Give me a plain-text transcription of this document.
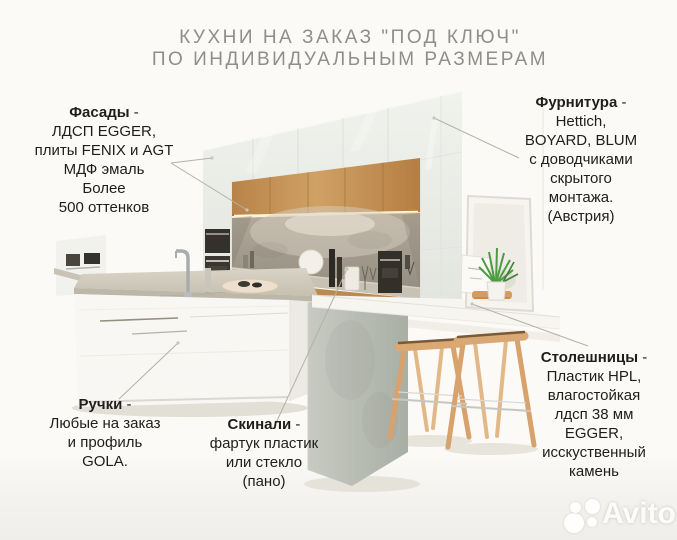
КУХНИ НА ЗАКАЗ "ПОД КЛЮЧ"
ПО ИНДИВИДУАЛЬНЫМ РАЗМЕРАМ
Фасады -
ЛДСП EGGER,
плиты FENIX и AGT
МДФ эмаль
Более
500 оттенков
Фурнитура -
Hettich,
BOYARD, BLUM
с доводчиками
скрытого
монтажа.
(Австрия)
Ручки -
Любые на заказ
и профиль
GOLA.
Скинали -
фартук пластик
или стекло
(пано)
Столешницы -
Пластик HPL,
влагостойкая
лдсп 38 мм
EGGER,
исскуственный
камень
Avito
